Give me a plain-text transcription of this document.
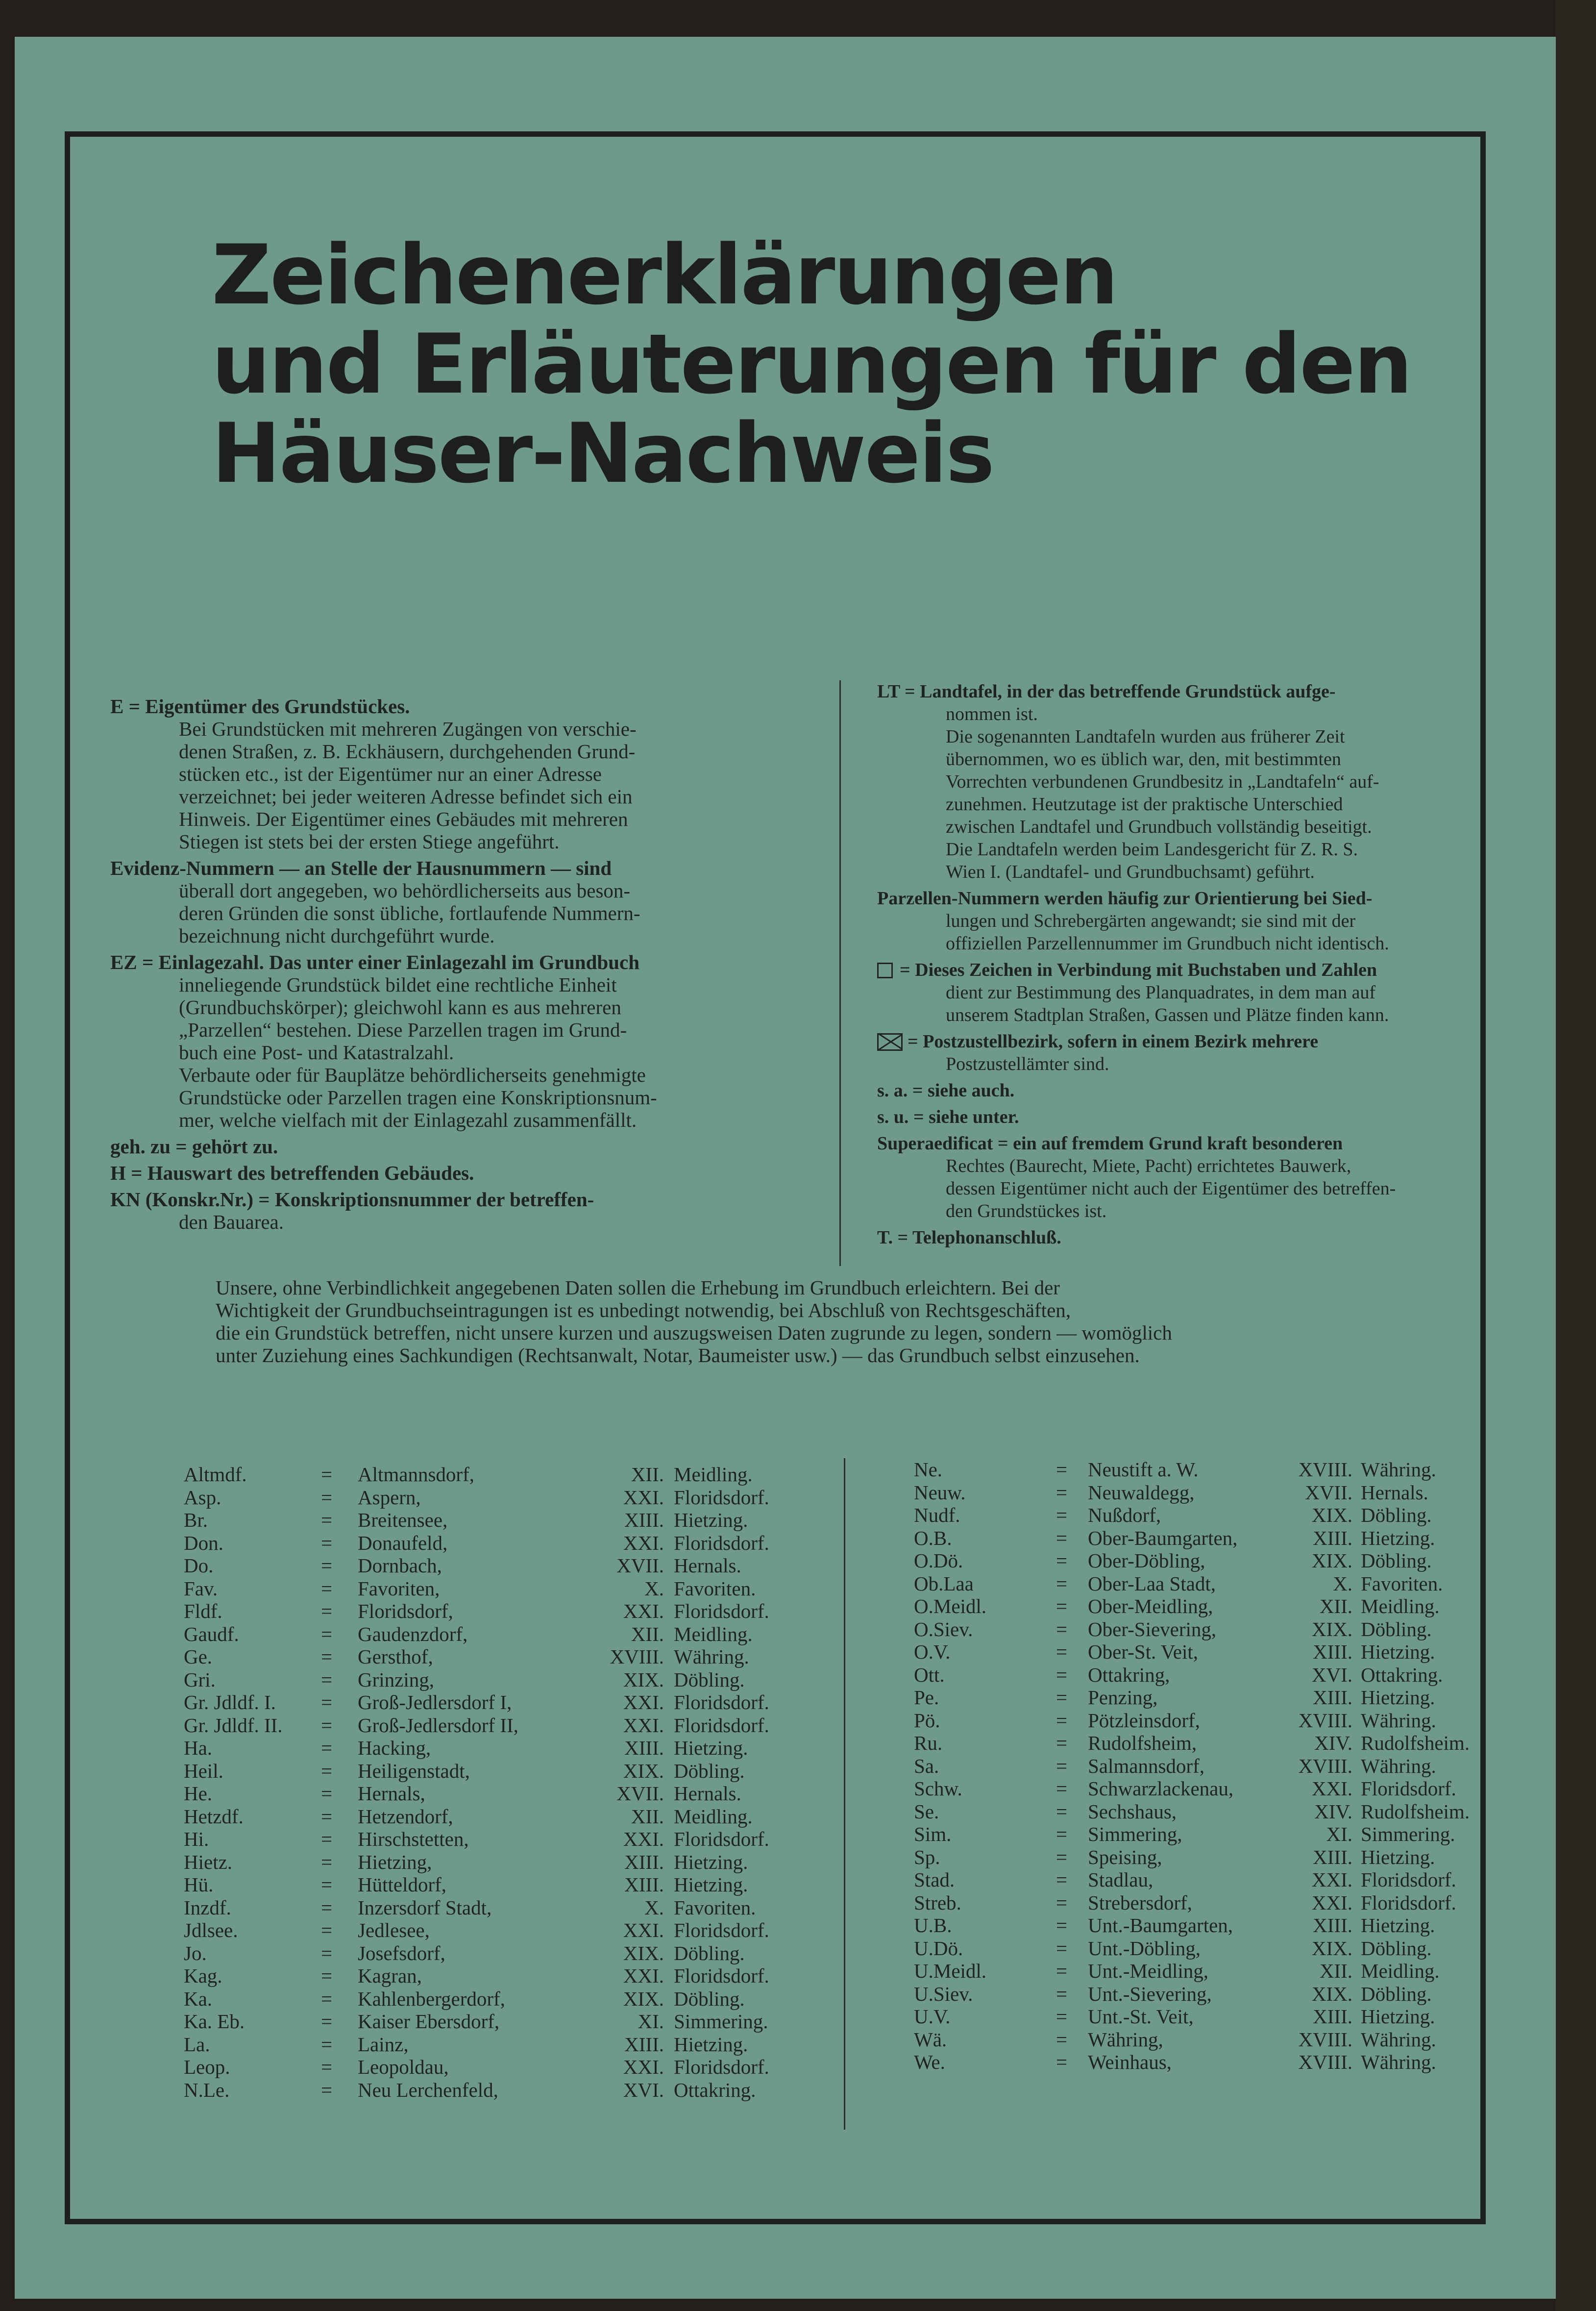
Zeichenerklärungen
und Erläuterungen für den
Häuser-Nachweis
E = Eigentümer des Grundstückes.
Bei Grundstücken mit mehreren Zugängen von verschie-
denen Straßen, z. B. Eckhäusern, durchgehenden Grund-
stücken etc., ist der Eigentümer nur an einer Adresse
verzeichnet; bei jeder weiteren Adresse befindet sich ein
Hinweis. Der Eigentümer eines Gebäudes mit mehreren
Stiegen ist stets bei der ersten Stiege angeführt.
Evidenz-Nummern — an Stelle der Hausnummern — sind
überall dort angegeben, wo behördlicherseits aus beson-
deren Gründen die sonst übliche, fortlaufende Nummern-
bezeichnung nicht durchgeführt wurde.
EZ = Einlagezahl. Das unter einer Einlagezahl im Grundbuch
inneliegende Grundstück bildet eine rechtliche Einheit
(Grundbuchskörper); gleichwohl kann es aus mehreren
„Parzellen“ bestehen. Diese Parzellen tragen im Grund-
buch eine Post- und Katastralzahl.
Verbaute oder für Bauplätze behördlicherseits genehmigte
Grundstücke oder Parzellen tragen eine Konskriptionsnum-
mer, welche vielfach mit der Einlagezahl zusammenfällt.
geh. zu = gehört zu.
H = Hauswart des betreffenden Gebäudes.
KN (Konskr.Nr.) = Konskriptionsnummer der betreffen-
den Bauarea.
LT = Landtafel, in der das betreffende Grundstück aufge-
nommen ist.
Die sogenannten Landtafeln wurden aus früherer Zeit
übernommen, wo es üblich war, den, mit bestimmten
Vorrechten verbundenen Grundbesitz in „Landtafeln“ auf-
zunehmen. Heutzutage ist der praktische Unterschied
zwischen Landtafel und Grundbuch vollständig beseitigt.
Die Landtafeln werden beim Landesgericht für Z. R. S.
Wien I. (Landtafel- und Grundbuchsamt) geführt.
Parzellen-Nummern werden häufig zur Orientierung bei Sied-
lungen und Schrebergärten angewandt; sie sind mit der
offiziellen Parzellennummer im Grundbuch nicht identisch.
= Dieses Zeichen in Verbindung mit Buchstaben und Zahlen
dient zur Bestimmung des Planquadrates, in dem man auf
unserem Stadtplan Straßen, Gassen und Plätze finden kann.
= Postzustellbezirk, sofern in einem Bezirk mehrere
Postzustellämter sind.
s. a. = siehe auch.
s. u. = siehe unter.
Superaedificat = ein auf fremdem Grund kraft besonderen
Rechtes (Baurecht, Miete, Pacht) errichtetes Bauwerk,
dessen Eigentümer nicht auch der Eigentümer des betreffen-
den Grundstückes ist.
T. = Telephonanschluß.
Unsere, ohne Verbindlichkeit angegebenen Daten sollen die Erhebung im Grundbuch erleichtern. Bei der
Wichtigkeit der Grundbuchseintragungen ist es unbedingt notwendig, bei Abschluß von Rechtsgeschäften,
die ein Grundstück betreffen, nicht unsere kurzen und auszugsweisen Daten zugrunde zu legen, sondern — womöglich
unter Zuziehung eines Sachkundigen (Rechtsanwalt, Notar, Baumeister usw.) — das Grundbuch selbst einzusehen.
Altmdf.	= Altmannsdorf,	XII. Meidling.
Asp.	= Aspern,	XXI. Floridsdorf.
Br.	= Breitensee,	XIII. Hietzing.
Don.	= Donaufeld,	XXI. Floridsdorf.
Do.	= Dornbach,	XVII. Hernals.
Fav.	= Favoriten,	X. Favoriten.
Fldf.	= Floridsdorf,	XXI. Floridsdorf.
Gaudf.	= Gaudenzdorf,	XII. Meidling.
Ge.	= Gersthof,	XVIII. Währing.
Gri.	= Grinzing,	XIX. Döbling.
Gr. Jdldf. I. = Groß-Jedlersdorf I,	XXI. Floridsdorf.
Gr. Jdldf. II. = Groß-Jedlersdorf II,	XXI. Floridsdorf.
Ha.	= Hacking,	XIII. Hietzing.
Heil.	= Heiligenstadt,	XIX. Döbling.
He.	= Hernals,	XVII. Hernals.
Hetzdf.	= Hetzendorf,	XII. Meidling.
Hi.	= Hirschstetten,	XXI. Floridsdorf.
Hietz.	= Hietzing,	XIII. Hietzing.
Hü.	= Hütteldorf,	XIII. Hietzing.
Inzdf.	= Inzersdorf Stadt,	X. Favoriten.
Jdlsee.	= Jedlesee,	XXI. Floridsdorf.
Jo.	= Josefsdorf,	XIX. Döbling.
Kag.	= Kagran,	XXI. Floridsdorf.
Ka.	= Kahlenbergerdorf,	XIX. Döbling.
Ka. Eb.	= Kaiser Ebersdorf,	XI. Simmering.
La.	= Lainz,	XIII. Hietzing.
Leop.	= Leopoldau,	XXI. Floridsdorf.
N.Le.	= Neu Lerchenfeld,	XVI. Ottakring.
Ne.	= Neustift a. W.	XVIII. Währing.
Neuw.	= Neuwaldegg,	XVII. Hernals.
Nudf.	= Nußdorf,	XIX. Döbling.
O.B.	= Ober-Baumgarten,	XIII. Hietzing.
O.Dö.	= Ober-Döbling,	XIX. Döbling.
Ob.Laa	= Ober-Laa Stadt,	X. Favoriten.
O.Meidl.	= Ober-Meidling,	XII. Meidling.
O.Siev.	= Ober-Sievering,	XIX. Döbling.
O.V.	= Ober-St. Veit,	XIII. Hietzing.
Ott.	= Ottakring,	XVI. Ottakring.
Pe.	= Penzing,	XIII. Hietzing.
Pö.	= Pötzleinsdorf,	XVIII. Währing.
Ru.	= Rudolfsheim,	XIV. Rudolfsheim.
Sa.	= Salmannsdorf,	XVIII. Währing.
Schw.	= Schwarzlackenau,	XXI. Floridsdorf.
Se.	= Sechshaus,	XIV. Rudolfsheim.
Sim.	= Simmering,	XI. Simmering.
Sp.	= Speising,	XIII. Hietzing.
Stad.	= Stadlau,	XXI. Floridsdorf.
Streb.	= Strebersdorf,	XXI. Floridsdorf.
U.B.	= Unt.-Baumgarten,	XIII. Hietzing.
U.Dö.	= Unt.-Döbling,	XIX. Döbling.
U.Meidl.	= Unt.-Meidling,	XII. Meidling.
U.Siev.	= Unt.-Sievering,	XIX. Döbling.
U.V.	= Unt.-St. Veit,	XIII. Hietzing.
Wä.	= Währing,	XVIII. Währing.
We.	= Weinhaus,	XVIII. Währing.
